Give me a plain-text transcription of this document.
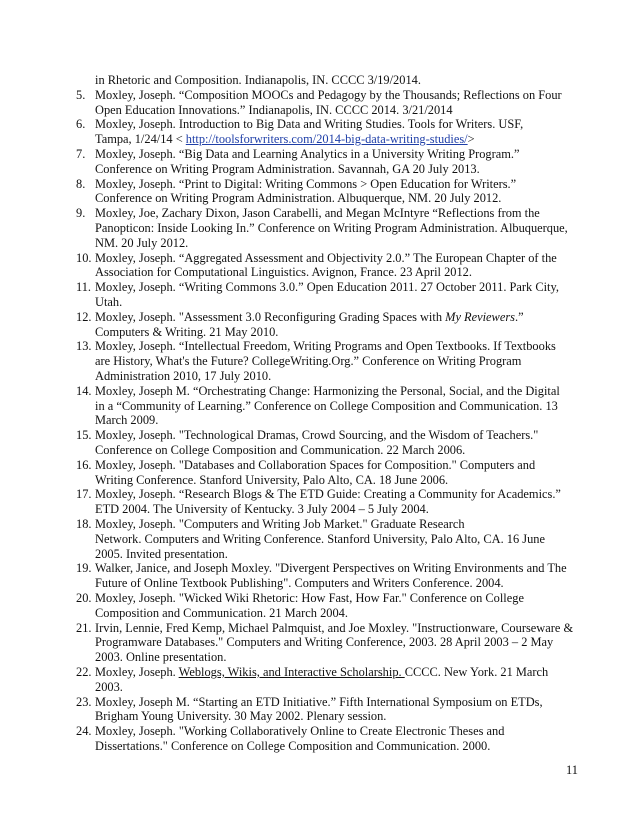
in Rhetoric and Composition. Indianapolis, IN. CCCC 3/19/2014.
5. Moxley, Joseph. “Composition MOOCs and Pedagogy by the Thousands; Reflections on Four
Open Education Innovations.” Indianapolis, IN. CCCC 2014. 3/21/2014
6. Moxley, Joseph. Introduction to Big Data and Writing Studies. Tools for Writers. USF,
Tampa, 1/24/14 < http://toolsforwriters.com/2014-big-data-writing-studies/>
7. Moxley, Joseph. “Big Data and Learning Analytics in a University Writing Program.”
Conference on Writing Program Administration. Savannah, GA 20 July 2013.
8. Moxley, Joseph. “Print to Digital: Writing Commons > Open Education for Writers.”
Conference on Writing Program Administration. Albuquerque, NM. 20 July 2012.
9. Moxley, Joe, Zachary Dixon, Jason Carabelli, and Megan McIntyre “Reflections from the
Panopticon: Inside Looking In.” Conference on Writing Program Administration. Albuquerque,
NM. 20 July 2012.
10. Moxley, Joseph. “Aggregated Assessment and Objectivity 2.0.” The European Chapter of the
Association for Computational Linguistics. Avignon, France. 23 April 2012.
11. Moxley, Joseph. “Writing Commons 3.0.” Open Education 2011. 27 October 2011. Park City,
Utah.
12. Moxley, Joseph. "Assessment 3.0 Reconfiguring Grading Spaces with My Reviewers.”
Computers & Writing. 21 May 2010.
13. Moxley, Joseph. “Intellectual Freedom, Writing Programs and Open Textbooks. If Textbooks
are History, What's the Future? CollegeWriting.Org.” Conference on Writing Program
Administration 2010, 17 July 2010.
14. Moxley, Joseph M. “Orchestrating Change: Harmonizing the Personal, Social, and the Digital
in a “Community of Learning.” Conference on College Composition and Communication. 13
March 2009.
15. Moxley, Joseph. "Technological Dramas, Crowd Sourcing, and the Wisdom of Teachers."
Conference on College Composition and Communication. 22 March 2006.
16. Moxley, Joseph. "Databases and Collaboration Spaces for Composition." Computers and
Writing Conference. Stanford University, Palo Alto, CA. 18 June 2006.
17. Moxley, Joseph. “Research Blogs & The ETD Guide: Creating a Community for Academics.”
ETD 2004. The University of Kentucky. 3 July 2004 – 5 July 2004.
18. Moxley, Joseph. "Computers and Writing Job Market." Graduate Research
Network. Computers and Writing Conference. Stanford University, Palo Alto, CA. 16 June
2005. Invited presentation.
19. Walker, Janice, and Joseph Moxley. "Divergent Perspectives on Writing Environments and The
Future of Online Textbook Publishing". Computers and Writers Conference. 2004.
20. Moxley, Joseph. "Wicked Wiki Rhetoric: How Fast, How Far." Conference on College
Composition and Communication. 21 March 2004.
21. Irvin, Lennie, Fred Kemp, Michael Palmquist, and Joe Moxley. "Instructionware, Courseware &
Programware Databases." Computers and Writing Conference, 2003. 28 April 2003 – 2 May
2003. Online presentation.
22. Moxley, Joseph. Weblogs, Wikis, and Interactive Scholarship. CCCC. New York. 21 March
2003.
23. Moxley, Joseph M. “Starting an ETD Initiative.” Fifth International Symposium on ETDs,
Brigham Young University. 30 May 2002. Plenary session.
24. Moxley, Joseph. "Working Collaboratively Online to Create Electronic Theses and
Dissertations." Conference on College Composition and Communication. 2000.
11
